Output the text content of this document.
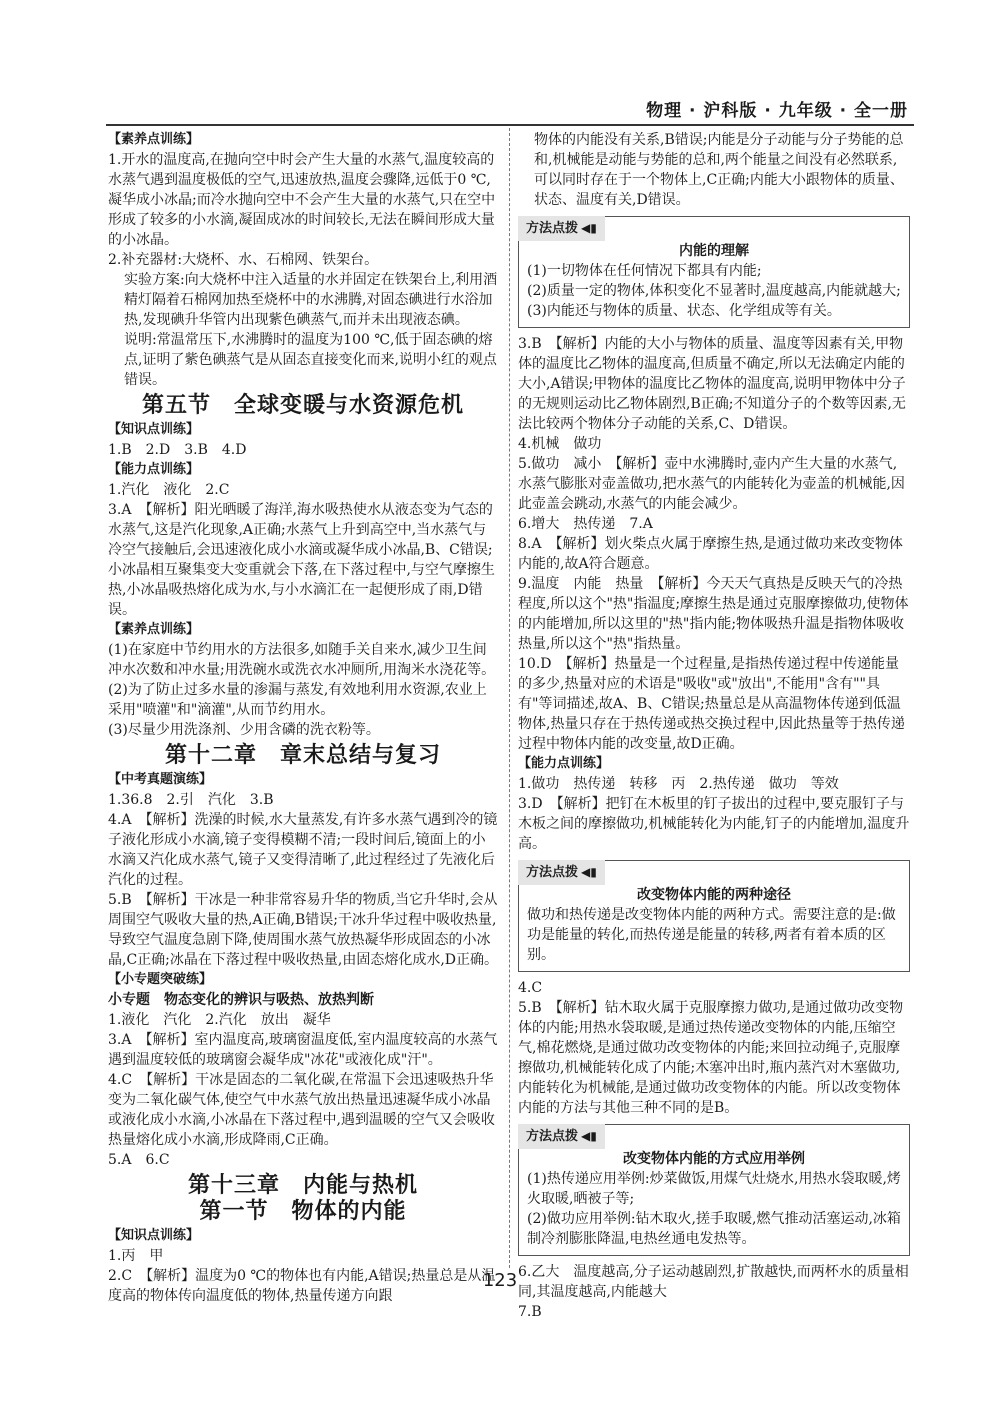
物理 · 沪科版 · 九年级 · 全一册

【素养点训练】

1.开水的温度高,在抛向空中时会产生大量的水蒸气,温度较高的水蒸气遇到温度极低的空气,迅速放热,温度会骤降,远低于0 ℃,凝华成小冰晶;而冷水抛向空中不会产生大量的水蒸气,只在空中形成了较多的小水滴,凝固成冰的时间较长,无法在瞬间形成大量的小冰晶。

2.补充器材:大烧杯、水、石棉网、铁架台。

实验方案:向大烧杯中注入适量的水并固定在铁架台上,利用酒精灯隔着石棉网加热至烧杯中的水沸腾,对固态碘进行水浴加热,发现碘升华管内出现紫色碘蒸气,而并未出现液态碘。

说明:常温常压下,水沸腾时的温度为100 ℃,低于固态碘的熔点,证明了紫色碘蒸气是从固态直接变化而来,说明小红的观点错误。

第五节　全球变暖与水资源危机

【知识点训练】

1.B　2.D　3.B　4.D

【能力点训练】

1.汽化　液化　2.C

3.A　【解析】阳光晒暖了海洋,海水吸热使水从液态变为气态的水蒸气,这是汽化现象,A正确;水蒸气上升到高空中,当水蒸气与冷空气接触后,会迅速液化成小水滴或凝华成小冰晶,B、C错误;小冰晶相互聚集变大变重就会下落,在下落过程中,与空气摩擦生热,小冰晶吸热熔化成为水,与小水滴汇在一起便形成了雨,D错误。

【素养点训练】

(1)在家庭中节约用水的方法很多,如随手关自来水,减少卫生间冲水次数和冲水量;用洗碗水或洗衣水冲厕所,用淘米水浇花等。

(2)为了防止过多水量的渗漏与蒸发,有效地利用水资源,农业上采用"喷灌"和"滴灌",从而节约用水。

(3)尽量少用洗涤剂、少用含磷的洗衣粉等。

第十二章　章末总结与复习

【中考真题演练】

1.36.8　2.引　汽化　3.B

4.A　【解析】洗澡的时候,水大量蒸发,有许多水蒸气遇到冷的镜子液化形成小水滴,镜子变得模糊不清;一段时间后,镜面上的小水滴又汽化成水蒸气,镜子又变得清晰了,此过程经过了先液化后汽化的过程。

5.B　【解析】干冰是一种非常容易升华的物质,当它升华时,会从周围空气吸收大量的热,A正确,B错误;干冰升华过程中吸收热量,导致空气温度急剧下降,使周围水蒸气放热凝华形成固态的小冰晶,C正确;冰晶在下落过程中吸收热量,由固态熔化成水,D正确。

【小专题突破练】

小专题　物态变化的辨识与吸热、放热判断

1.液化　汽化　2.汽化　放出　凝华

3.A　【解析】室内温度高,玻璃窗温度低,室内温度较高的水蒸气遇到温度较低的玻璃窗会凝华成"冰花"或液化成"汗"。

4.C　【解析】干冰是固态的二氧化碳,在常温下会迅速吸热升华变为二氧化碳气体,使空气中水蒸气放出热量迅速凝华成小冰晶或液化成小水滴,小冰晶在下落过程中,遇到温暖的空气又会吸收热量熔化成小水滴,形成降雨,C正确。

5.A　6.C

第十三章　内能与热机
第一节　物体的内能

【知识点训练】

1.丙　甲

2.C　【解析】温度为0 ℃的物体也有内能,A错误;热量总是从温度高的物体传向温度低的物体,热量传递方向跟

物体的内能没有关系,B错误;内能是分子动能与分子势能的总和,机械能是动能与势能的总和,两个能量之间没有必然联系,可以同时存在于一个物体上,C正确;内能大小跟物体的质量、状态、温度有关,D错误。

方法点拨 ◀▮

内能的理解

(1)一切物体在任何情况下都具有内能;

(2)质量一定的物体,体积变化不显著时,温度越高,内能就越大;

(3)内能还与物体的质量、状态、化学组成等有关。

3.B　【解析】内能的大小与物体的质量、温度等因素有关,甲物体的温度比乙物体的温度高,但质量不确定,所以无法确定内能的大小,A错误;甲物体的温度比乙物体的温度高,说明甲物体中分子的无规则运动比乙物体剧烈,B正确;不知道分子的个数等因素,无法比较两个物体分子动能的关系,C、D错误。

4.机械　做功

5.做功　减小　【解析】壶中水沸腾时,壶内产生大量的水蒸气,水蒸气膨胀对壶盖做功,把水蒸气的内能转化为壶盖的机械能,因此壶盖会跳动,水蒸气的内能会减少。

6.增大　热传递　7.A

8.A　【解析】划火柴点火属于摩擦生热,是通过做功来改变物体内能的,故A符合题意。

9.温度　内能　热量　【解析】今天天气真热是反映天气的冷热程度,所以这个"热"指温度;摩擦生热是通过克服摩擦做功,使物体的内能增加,所以这里的"热"指内能;物体吸热升温是指物体吸收热量,所以这个"热"指热量。

10.D　【解析】热量是一个过程量,是指热传递过程中传递能量的多少,热量对应的术语是"吸收"或"放出",不能用"含有""具有"等词描述,故A、B、C错误;热量总是从高温物体传递到低温物体,热量只存在于热传递或热交换过程中,因此热量等于热传递过程中物体内能的改变量,故D正确。

【能力点训练】

1.做功　热传递　转移　丙　2.热传递　做功　等效

3.D　【解析】把钉在木板里的钉子拔出的过程中,要克服钉子与木板之间的摩擦做功,机械能转化为内能,钉子的内能增加,温度升高。

方法点拨 ◀▮

改变物体内能的两种途径

做功和热传递是改变物体内能的两种方式。需要注意的是:做功是能量的转化,而热传递是能量的转移,两者有着本质的区别。

4.C

5.B　【解析】钻木取火属于克服摩擦力做功,是通过做功改变物体的内能;用热水袋取暖,是通过热传递改变物体的内能,压缩空气,棉花燃烧,是通过做功改变物体的内能;来回拉动绳子,克服摩擦做功,机械能转化成了内能;木塞冲出时,瓶内蒸汽对木塞做功,内能转化为机械能,是通过做功改变物体的内能。所以改变物体内能的方法与其他三种不同的是B。

方法点拨 ◀▮

改变物体内能的方式应用举例

(1)热传递应用举例:炒菜做饭,用煤气灶烧水,用热水袋取暖,烤火取暖,晒被子等;

(2)做功应用举例:钻木取火,搓手取暖,燃气推动活塞运动,冰箱制冷剂膨胀降温,电热丝通电发热等。

6.乙大　温度越高,分子运动越剧烈,扩散越快,而两杯水的质量相同,其温度越高,内能越大

7.B

123
